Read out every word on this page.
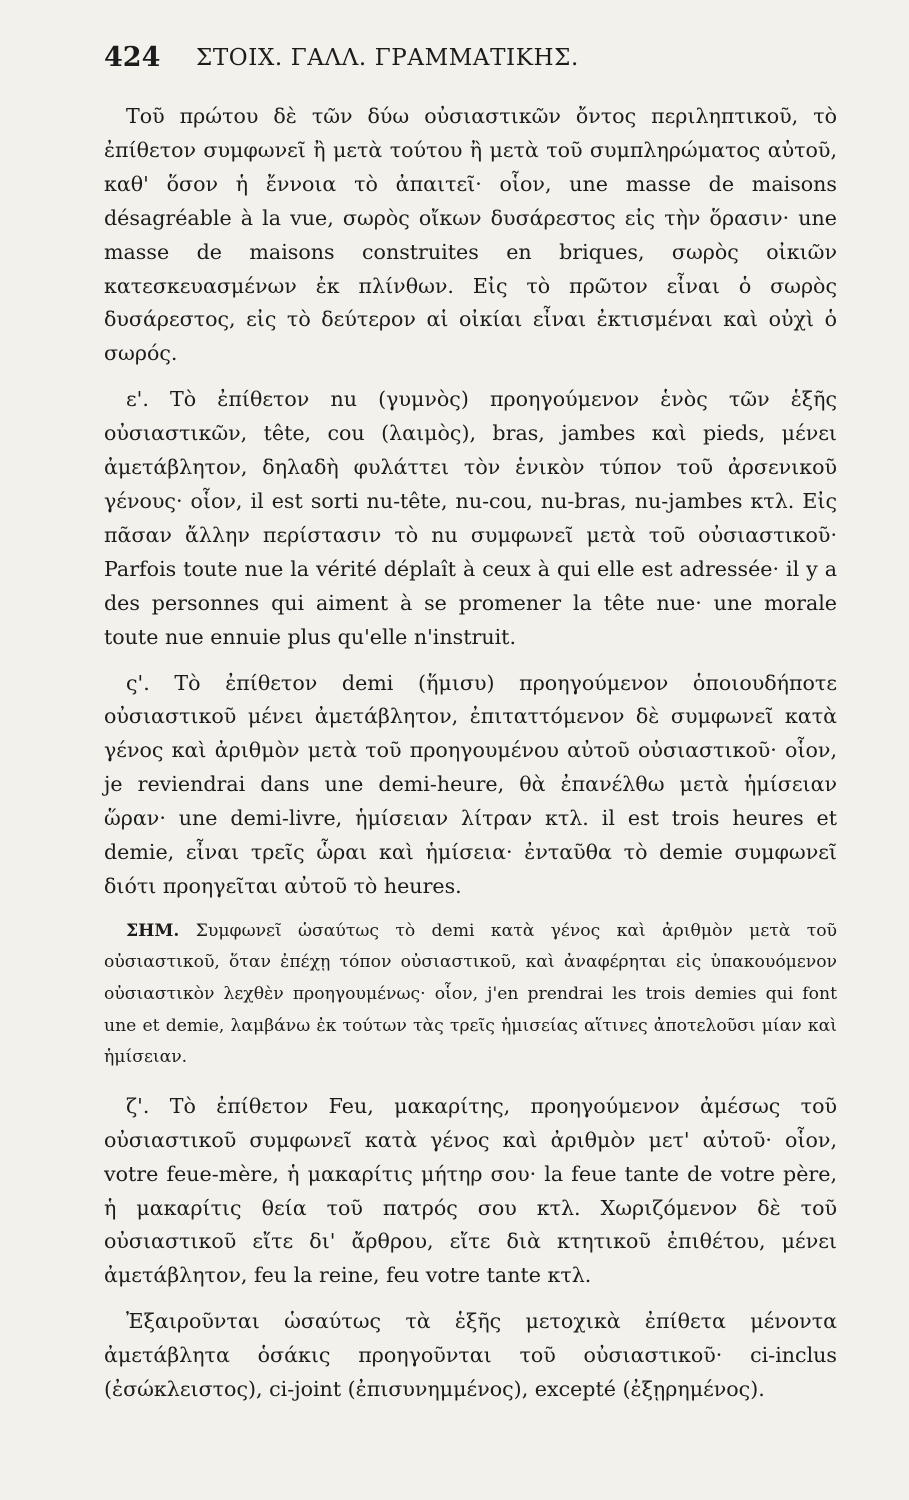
424 ΣΤΟΙΧ. ΓΑΛΛ. ΓΡΑΜΜΑΤΙΚΗΣ.

Τοῦ πρώτου δὲ τῶν δύω οὐσιαστικῶν ὄντος περιληπτικοῦ, τὸ ἐπίθετον συμφωνεῖ ἢ μετὰ τούτου ἢ μετὰ τοῦ συμπληρώματος αὐτοῦ, καθ' ὅσον ἡ ἔννοια τὸ ἀπαιτεῖ· οἷον, une masse de maisons désagréable à la vue, σωρὸς οἴκων δυσάρεστος εἰς τὴν ὅρασιν· une masse de maisons construites en briques, σωρὸς οἰκιῶν κατεσκευασμένων ἐκ πλίνθων. Εἰς τὸ πρῶτον εἶναι ὁ σωρὸς δυσάρεστος, εἰς τὸ δεύτερον αἱ οἰκίαι εἶναι ἐκτισμέναι καὶ οὐχὶ ὁ σωρός.

ε'. Τὸ ἐπίθετον nu (γυμνὸς) προηγούμενον ἑνὸς τῶν ἑξῆς οὐσιαστικῶν, tête, cou (λαιμὸς), bras, jambes καὶ pieds, μένει ἀμετάβλητον, δηλαδὴ φυλάττει τὸν ἑνικὸν τύπον τοῦ ἀρσενικοῦ γένους· οἷον, il est sorti nu-tête, nu-cou, nu-bras, nu-jambes κτλ. Εἰς πᾶσαν ἄλλην περίστασιν τὸ nu συμφωνεῖ μετὰ τοῦ οὐσιαστικοῦ· Parfois toute nue la vérité déplaît à ceux à qui elle est adressée· il y a des personnes qui aiment à se promener la tête nue· une morale toute nue ennuie plus qu'elle n'instruit.

ς'. Τὸ ἐπίθετον demi (ἥμισυ) προηγούμενον ὁποιουδήποτε οὐσιαστικοῦ μένει ἀμετάβλητον, ἐπιταττόμενον δὲ συμφωνεῖ κατὰ γένος καὶ ἀριθμὸν μετὰ τοῦ προηγουμένου αὐτοῦ οὐσιαστικοῦ· οἷον, je reviendrai dans une demi-heure, θὰ ἐπανέλθω μετὰ ἡμίσειαν ὥραν· une demi-livre, ἡμίσειαν λίτραν κτλ. il est trois heures et demie, εἶναι τρεῖς ὧραι καὶ ἡμίσεια· ἐνταῦθα τὸ demie συμφωνεῖ διότι προηγεῖται αὐτοῦ τὸ heures.

ΣΗΜ. Συμφωνεῖ ὡσαύτως τὸ demi κατὰ γένος καὶ ἀριθμὸν μετὰ τοῦ οὐσιαστικοῦ, ὅταν ἐπέχῃ τόπον οὐσιαστικοῦ, καὶ ἀναφέρηται εἰς ὑπακουόμενον οὐσιαστικὸν λεχθὲν προηγουμένως· οἷον, j'en prendrai les trois demies qui font une et demie, λαμβάνω ἐκ τούτων τὰς τρεῖς ἡμισείας αἵτινες ἀποτελοῦσι μίαν καὶ ἡμίσειαν.

ζ'. Τὸ ἐπίθετον Feu, μακαρίτης, προηγούμενον ἀμέσως τοῦ οὐσιαστικοῦ συμφωνεῖ κατὰ γένος καὶ ἀριθμὸν μετ' αὐτοῦ· οἷον, votre feue-mère, ἡ μακαρίτις μήτηρ σου· la feue tante de votre père, ἡ μακαρίτις θεία τοῦ πατρός σου κτλ. Χωριζόμενον δὲ τοῦ οὐσιαστικοῦ εἴτε δι' ἄρθρου, εἴτε διὰ κτητικοῦ ἐπιθέτου, μένει ἀμετάβλητον, feu la reine, feu votre tante κτλ.

Ἐξαιροῦνται ὡσαύτως τὰ ἑξῆς μετοχικὰ ἐπίθετα μένοντα ἀμετάβλητα ὁσάκις προηγοῦνται τοῦ οὐσιαστικοῦ· ci-inclus (ἐσώκλειστος), ci-joint (ἐπισυνημμένος), excepté (ἐξῃρημένος).
